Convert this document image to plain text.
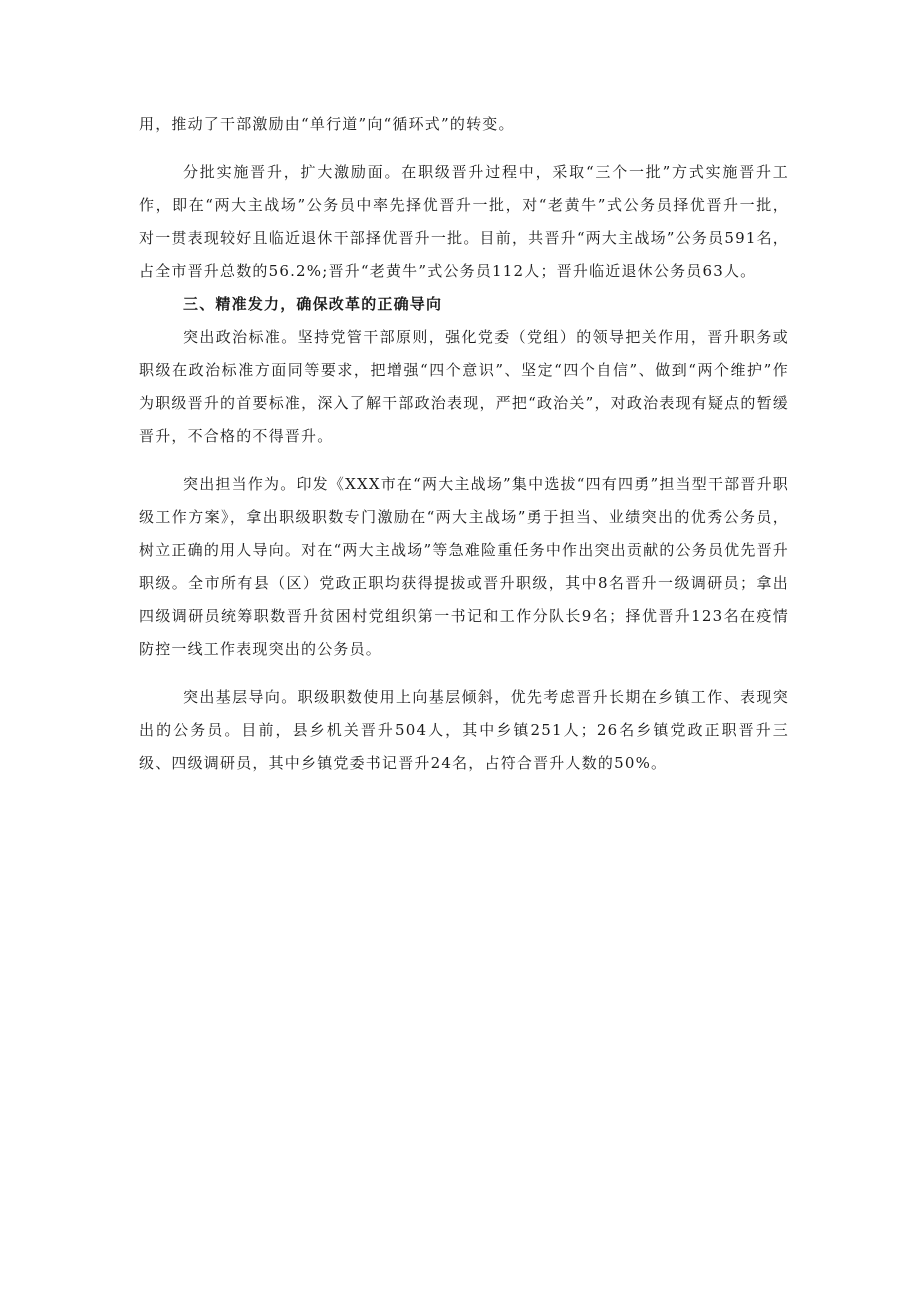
用，推动了干部激励由“单行道”向“循环式”的转变。

分批实施晋升，扩大激励面。在职级晋升过程中，采取“三个一批”方式实施晋升工作，即在“两大主战场”公务员中率先择优晋升一批，对“老黄牛”式公务员择优晋升一批，对一贯表现较好且临近退休干部择优晋升一批。目前，共晋升“两大主战场”公务员591名，占全市晋升总数的56.2%;晋升“老黄牛”式公务员112人；晋升临近退休公务员63人。

三、精准发力，确保改革的正确导向

突出政治标准。坚持党管干部原则，强化党委（党组）的领导把关作用，晋升职务或职级在政治标准方面同等要求，把增强“四个意识”、坚定“四个自信”、做到“两个维护”作为职级晋升的首要标准，深入了解干部政治表现，严把“政治关”，对政治表现有疑点的暂缓晋升，不合格的不得晋升。

突出担当作为。印发《XXX市在“两大主战场”集中选拔“四有四勇”担当型干部晋升职级工作方案》，拿出职级职数专门激励在“两大主战场”勇于担当、业绩突出的优秀公务员，树立正确的用人导向。对在“两大主战场”等急难险重任务中作出突出贡献的公务员优先晋升职级。全市所有县（区）党政正职均获得提拔或晋升职级，其中8名晋升一级调研员；拿出四级调研员统筹职数晋升贫困村党组织第一书记和工作分队长9名；择优晋升123名在疫情防控一线工作表现突出的公务员。

突出基层导向。职级职数使用上向基层倾斜，优先考虑晋升长期在乡镇工作、表现突出的公务员。目前，县乡机关晋升504人，其中乡镇251人；26名乡镇党政正职晋升三级、四级调研员，其中乡镇党委书记晋升24名，占符合晋升人数的50%。
